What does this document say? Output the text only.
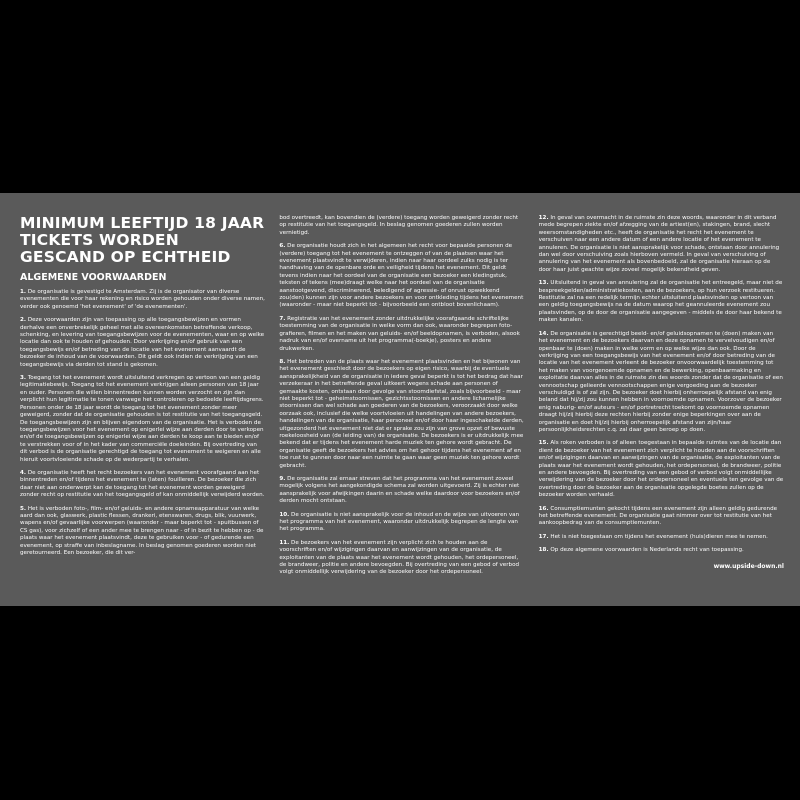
MINIMUM LEEFTIJD 18 JAAR
TICKETS WORDEN
GESCAND OP ECHTHEID
ALGEMENE VOORWAARDEN

1. De organisatie is gevestigd te Amsterdam. Zij is de organisator van diverse evenementen die voor haar rekening en risico worden gehouden onder diverse namen, verder ook genoemd 'het evenement' of 'de evenementen'.

2. Deze voorwaarden zijn van toepassing op alle toegangsbewijzen en vormen derhalve een onverbrekelijk geheel met alle overeenkomsten betreffende verkoop, schenking, en levering van toegangsbewijzen voor de evenementen, waar en op welke locatie dan ook te houden of gehouden. Door verkrijging en/of gebruik van een toegangsbewijs en/of betreding van de locatie van het evenement aanvaardt de bezoeker de inhoud van de voorwaarden. Dit geldt ook indien de verkrijging van een toegangsbewijs via derden tot stand is gekomen.

3. Toegang tot het evenement wordt uitsluitend verkregen op vertoon van een geldig legitimatiebewijs. Toegang tot het evenement verkrijgen alleen personen van 18 jaar en ouder. Personen die willen binnentreden kunnen worden verzocht en zijn dan verplicht hun legitimatie te tonen vanwege het controleren op bedoelde leeftijdsgrens. Personen onder de 18 jaar wordt de toegang tot het evenement zonder meer geweigerd, zonder dat de organisatie gehouden is tot restitutie van het toegangsgeld. De toegangsbewijzen zijn en blijven eigendom van de organisatie. Het is verboden de toegangsbewijzen voor het evenement op enigerlei wijze aan derden door te verkopen en/of de toegangsbewijzen op enigerlei wijze aan derden te koop aan te bieden en/of te verstrekken voor of in het kader van commerciële doeleinden. Bij overtreding van dit verbod is de organisatie gerechtigd de toegang tot evenement te weigeren en alle hieruit voortvloeiende schade op de wederpartij te verhalen.

4. De organisatie heeft het recht bezoekers van het evenement voorafgaand aan het binnentreden en/of tijdens het evenement te (laten) fouilleren. De bezoeker die zich daar niet aan onderwerpt kan de toegang tot het evenement worden geweigerd zonder recht op restitutie van het toegangsgeld of kan onmiddellijk verwijderd worden.

5. Het is verboden foto-, film- en/of geluids- en andere opnameapparatuur van welke aard dan ook, glaswerk, plastic flessen, drankeri, etenswaren, drugs, blik, vuurwerk, wapens en/of gevaarlijke voorwerpen (waaronder - maar beperkt tot - spuitbussen of CS gas), voor zichzelf of een ander mee te brengen naar - of in bezit te hebben op - de plaats waar het evenement plaatsvindt, deze te gebruiken voor - of gedurende een evenement, op straffe van inbeslagname. In beslag genomen goederen worden niet geretourneerd. Een bezoeker, die dit ver-

bod overtreedt, kan bovendien de (verdere) toegang worden geweigerd zonder recht op restitutie van het toegangsgeld. In beslag genomen goederen zullen worden vernietigd.

6. De organisatie houdt zich in het algemeen het recht voor bepaalde personen de (verdere) toegang tot het evenement te ontzeggen of van de plaatsen waar het evenement plaatsvindt te verwijderen, indien naar haar oordeel zulks nodig is ter handhaving van de openbare orde en veiligheid tijdens het evenement. Dit geldt tevens indien naar het oordeel van de organisatie een bezoeker een kledingstuk, teksten of tekens (mee)draagt welke naar het oordeel van de organisatie aanstootgevend, discriminerend, beledigend of agressie- of onrust opwekkend zou(den) kunnen zijn voor andere bezoekers en voor ontkleding tijdens het evenement (waaronder - maar niet beperkt tot - bijvoorbeeld een ontbloot bovenlichaam).

7. Registratie van het evenement zonder uitdrukkelijke voorafgaande schriftelijke toestemming van de organisatie in welke vorm dan ook, waaronder begrepen foto-grafieren, filmen en het maken van geluids- en/of beeldopnamen, is verboden, alsook nadruk van en/of overname uit het programma(-boekje), posters en andere drukwerken.

8. Het betreden van de plaats waar het evenement plaatsvinden en het bijwonen van het evenement geschiedt door de bezoekers op eigen risico, waarbij de eventuele aansprakelijkheid van de organisatie in iedere geval beperkt is tot het bedrag dat haar verzekeraar in het betreffende geval uitkeert wegens schade aan personen of gemaakte kosten, ontstaan door gevolge van stoomdiefstal, zoals bijvoorbeeld - maar niet beperkt tot - geheimstoornissen, gezichtsstoornissen en andere lichamelijke stoornissen dan wel schade aan goederen van de bezoekers, veroorzaakt door welke oorzaak ook, inclusief die welke voortvloeien uit handelingen van andere bezoekers, handelingen van de organisatie, haar personeel en/of door haar ingeschakelde derden, uitgezonderd het evenement niet dat er sprake zou zijn van grove opzet of bewuste roekeloosheid van (de leiding van) de organisatie. De bezoekers is er uitdrukkelijk mee bekend dat er tijdens het evenement harde muziek ten gehore wordt gebracht. De organisatie geeft de bezoekers het advies om het gehoor tijdens het evenement af en toe rust te gunnen door naar een ruimte te gaan waar geen muziek ten gehore wordt gebracht.

9. De organisatie zal ernaar streven dat het programma van het evenement zoveel mogelijk volgens het aangekondigde schema zal worden uitgevoerd. Zij is echter niet aansprakelijk voor afwijkingen daarin en schade welke daardoor voor bezoekers en/of derden mocht ontstaan.

10. De organisatie is niet aansprakelijk voor de inhoud en de wijze van uitvoeren van het programma van het evenement, waaronder uitdrukkelijk begrepen de lengte van het programma.

11. De bezoekers van het evenement zijn verplicht zich te houden aan de voorschriften en/of wijzigingen daarvan en aanwijzingen van de organisatie, de exploitanten van de plaats waar het evenement wordt gehouden, het ordepersoneel, de brandweer, politie en andere bevoegden. Bij overtreding van een gebod of verbod volgt onmiddellijk verwijdering van de bezoeker door het ordepersoneel.

12. In geval van overmacht in de ruimste zin deze woords, waaronder in dit verband mede begrepen ziekte en/of afzegging van de artiest(en), stakingen, brand, slecht weersomstandigheden etc., heeft de organisatie het recht het evenement te verschuiven naar een andere datum of een andere locatie of het evenement te annuleren. De organisatie is niet aansprakelijk voor schade, ontstaan door annulering dan wel door verschuiving zoals hierboven vermeld. In geval van verschuiving of annulering van het evenement als bovenbedoeld, zal de organisatie hieraan op de door haar juist geachte wijze zoveel mogelijk bekendheid geven.

13. Uitsluitend in geval van annulering zal de organisatie het entreegeld, maar niet de bespreekgelden/administratiekosten, aan de bezoekers, op hun verzoek restitueren. Restitutie zal na een redelijk termijn echter uitsluitend plaatsvinden op vertoon van een geldig toegangsbewijs na de datum waarop het geannuleerde evenement zou plaatsvinden, op de door de organisatie aangegeven - middels de door haar bekend te maken kanalen.

14. De organisatie is gerechtigd beeld- en/of geluidsopnamen te (doen) maken van het evenement en de bezoekers daarvan en deze opnamen te vervelvoudigen en/of openbaar te (doen) maken in welke vorm en op welke wijze dan ook. Door de verkrijging van een toegangsbewijs van het evenement en/of door betreding van de locatie van het evenement verleent de bezoeker onvoorwaardelijk toestemming tot het maken van voorgenoemde opnamen en de bewerking, openbaarmaking en exploitatie daarvan alles in de ruimste zin des woords zonder dat de organisatie of een vennootschap gelieerde vennootschappen enige vergoeding aan de bezoeker verschuldigd is of zal zijn. De bezoeker doet hierbij onherroepelijk afstand van enig beland dat hij/zij zou kunnen hebben in voornoemde opnamen. Voorzover de bezoeker enig naburig- en/of auteurs - en/of portretrecht toekomt op voornoemde opnamen draagt hij/zij hierbij deze rechten hierbij zonder enige beperkingen over aan de organisatie en doet hij/zij hierbij onherroepelijk afstand van zijn/haar persoonlijkheidsrechten c.q. zal daar geen beroep op doen.

15. Als roken verboden is of alleen toegestaan in bepaalde ruimtes van de locatie dan dient de bezoeker van het evenement zich verplicht te houden aan de voorschriften en/of wijzigingen daarvan en aanwijzingen van de organisatie, de exploitanten van de plaats waar het evenement wordt gehouden, het ordepersoneel, de brandweer, politie en andere bevoegden. Bij overtreding van een gebod of verbod volgt onmiddellijke verwijdering van de bezoeker door het ordepersoneel en eventuele ten gevolge van de overtreding door de bezoeker aan de organisatie opgelegde boetes zullen op de bezoeker worden verhaald.

16. Consumptiemunten gekocht tijdens een evenement zijn alleen geldig gedurende het betreffende evenement. De organisatie gaat nimmer over tot restitutie van het aankoopbedrag van de consumptiemunten.

17. Het is niet toegestaan om tijdens het evenement (huis)dieren mee te nemen.

18. Op deze algemene voorwaarden is Nederlands recht van toepassing.

www.upside-down.nl
